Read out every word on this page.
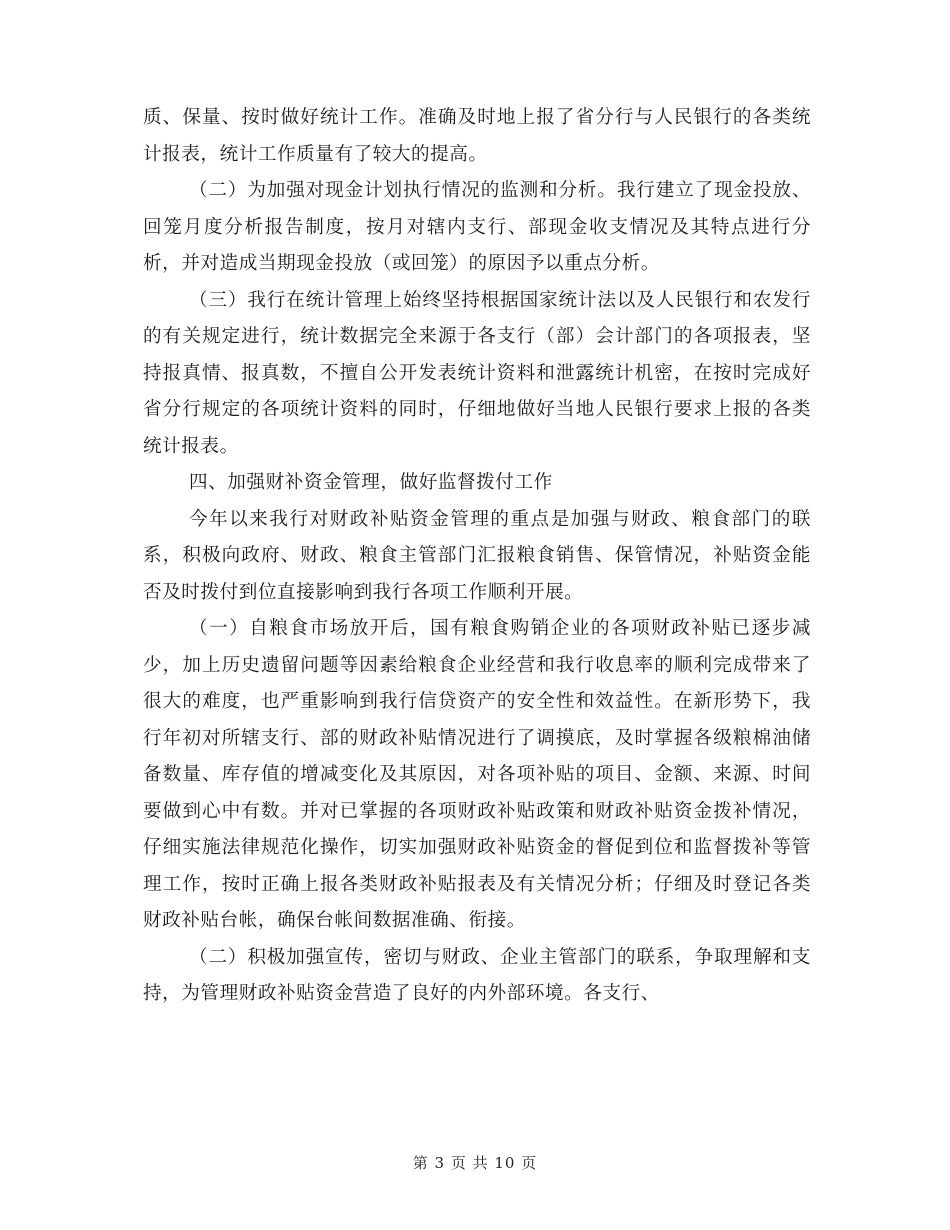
质、保量、按时做好统计工作。准确及时地上报了省分行与人民银行的各类统计报表，统计工作质量有了较大的提高。

（二）为加强对现金计划执行情况的监测和分析。我行建立了现金投放、回笼月度分析报告制度，按月对辖内支行、部现金收支情况及其特点进行分析，并对造成当期现金投放（或回笼）的原因予以重点分析。

（三）我行在统计管理上始终坚持根据国家统计法以及人民银行和农发行的有关规定进行，统计数据完全来源于各支行（部）会计部门的各项报表，坚持报真情、报真数，不擅自公开发表统计资料和泄露统计机密，在按时完成好省分行规定的各项统计资料的同时，仔细地做好当地人民银行要求上报的各类统计报表。

四、加强财补资金管理，做好监督拨付工作

今年以来我行对财政补贴资金管理的重点是加强与财政、粮食部门的联系，积极向政府、财政、粮食主管部门汇报粮食销售、保管情况，补贴资金能否及时拨付到位直接影响到我行各项工作顺利开展。

（一）自粮食市场放开后，国有粮食购销企业的各项财政补贴已逐步减少，加上历史遗留问题等因素给粮食企业经营和我行收息率的顺利完成带来了很大的难度，也严重影响到我行信贷资产的安全性和效益性。在新形势下，我行年初对所辖支行、部的财政补贴情况进行了调摸底，及时掌握各级粮棉油储备数量、库存值的增减变化及其原因，对各项补贴的项目、金额、来源、时间要做到心中有数。并对已掌握的各项财政补贴政策和财政补贴资金拨补情况，仔细实施法律规范化操作，切实加强财政补贴资金的督促到位和监督拨补等管理工作，按时正确上报各类财政补贴报表及有关情况分析；仔细及时登记各类财政补贴台帐，确保台帐间数据准确、衔接。

（二）积极加强宣传，密切与财政、企业主管部门的联系，争取理解和支持，为管理财政补贴资金营造了良好的内外部环境。各支行、

第 3 页 共 10 页
